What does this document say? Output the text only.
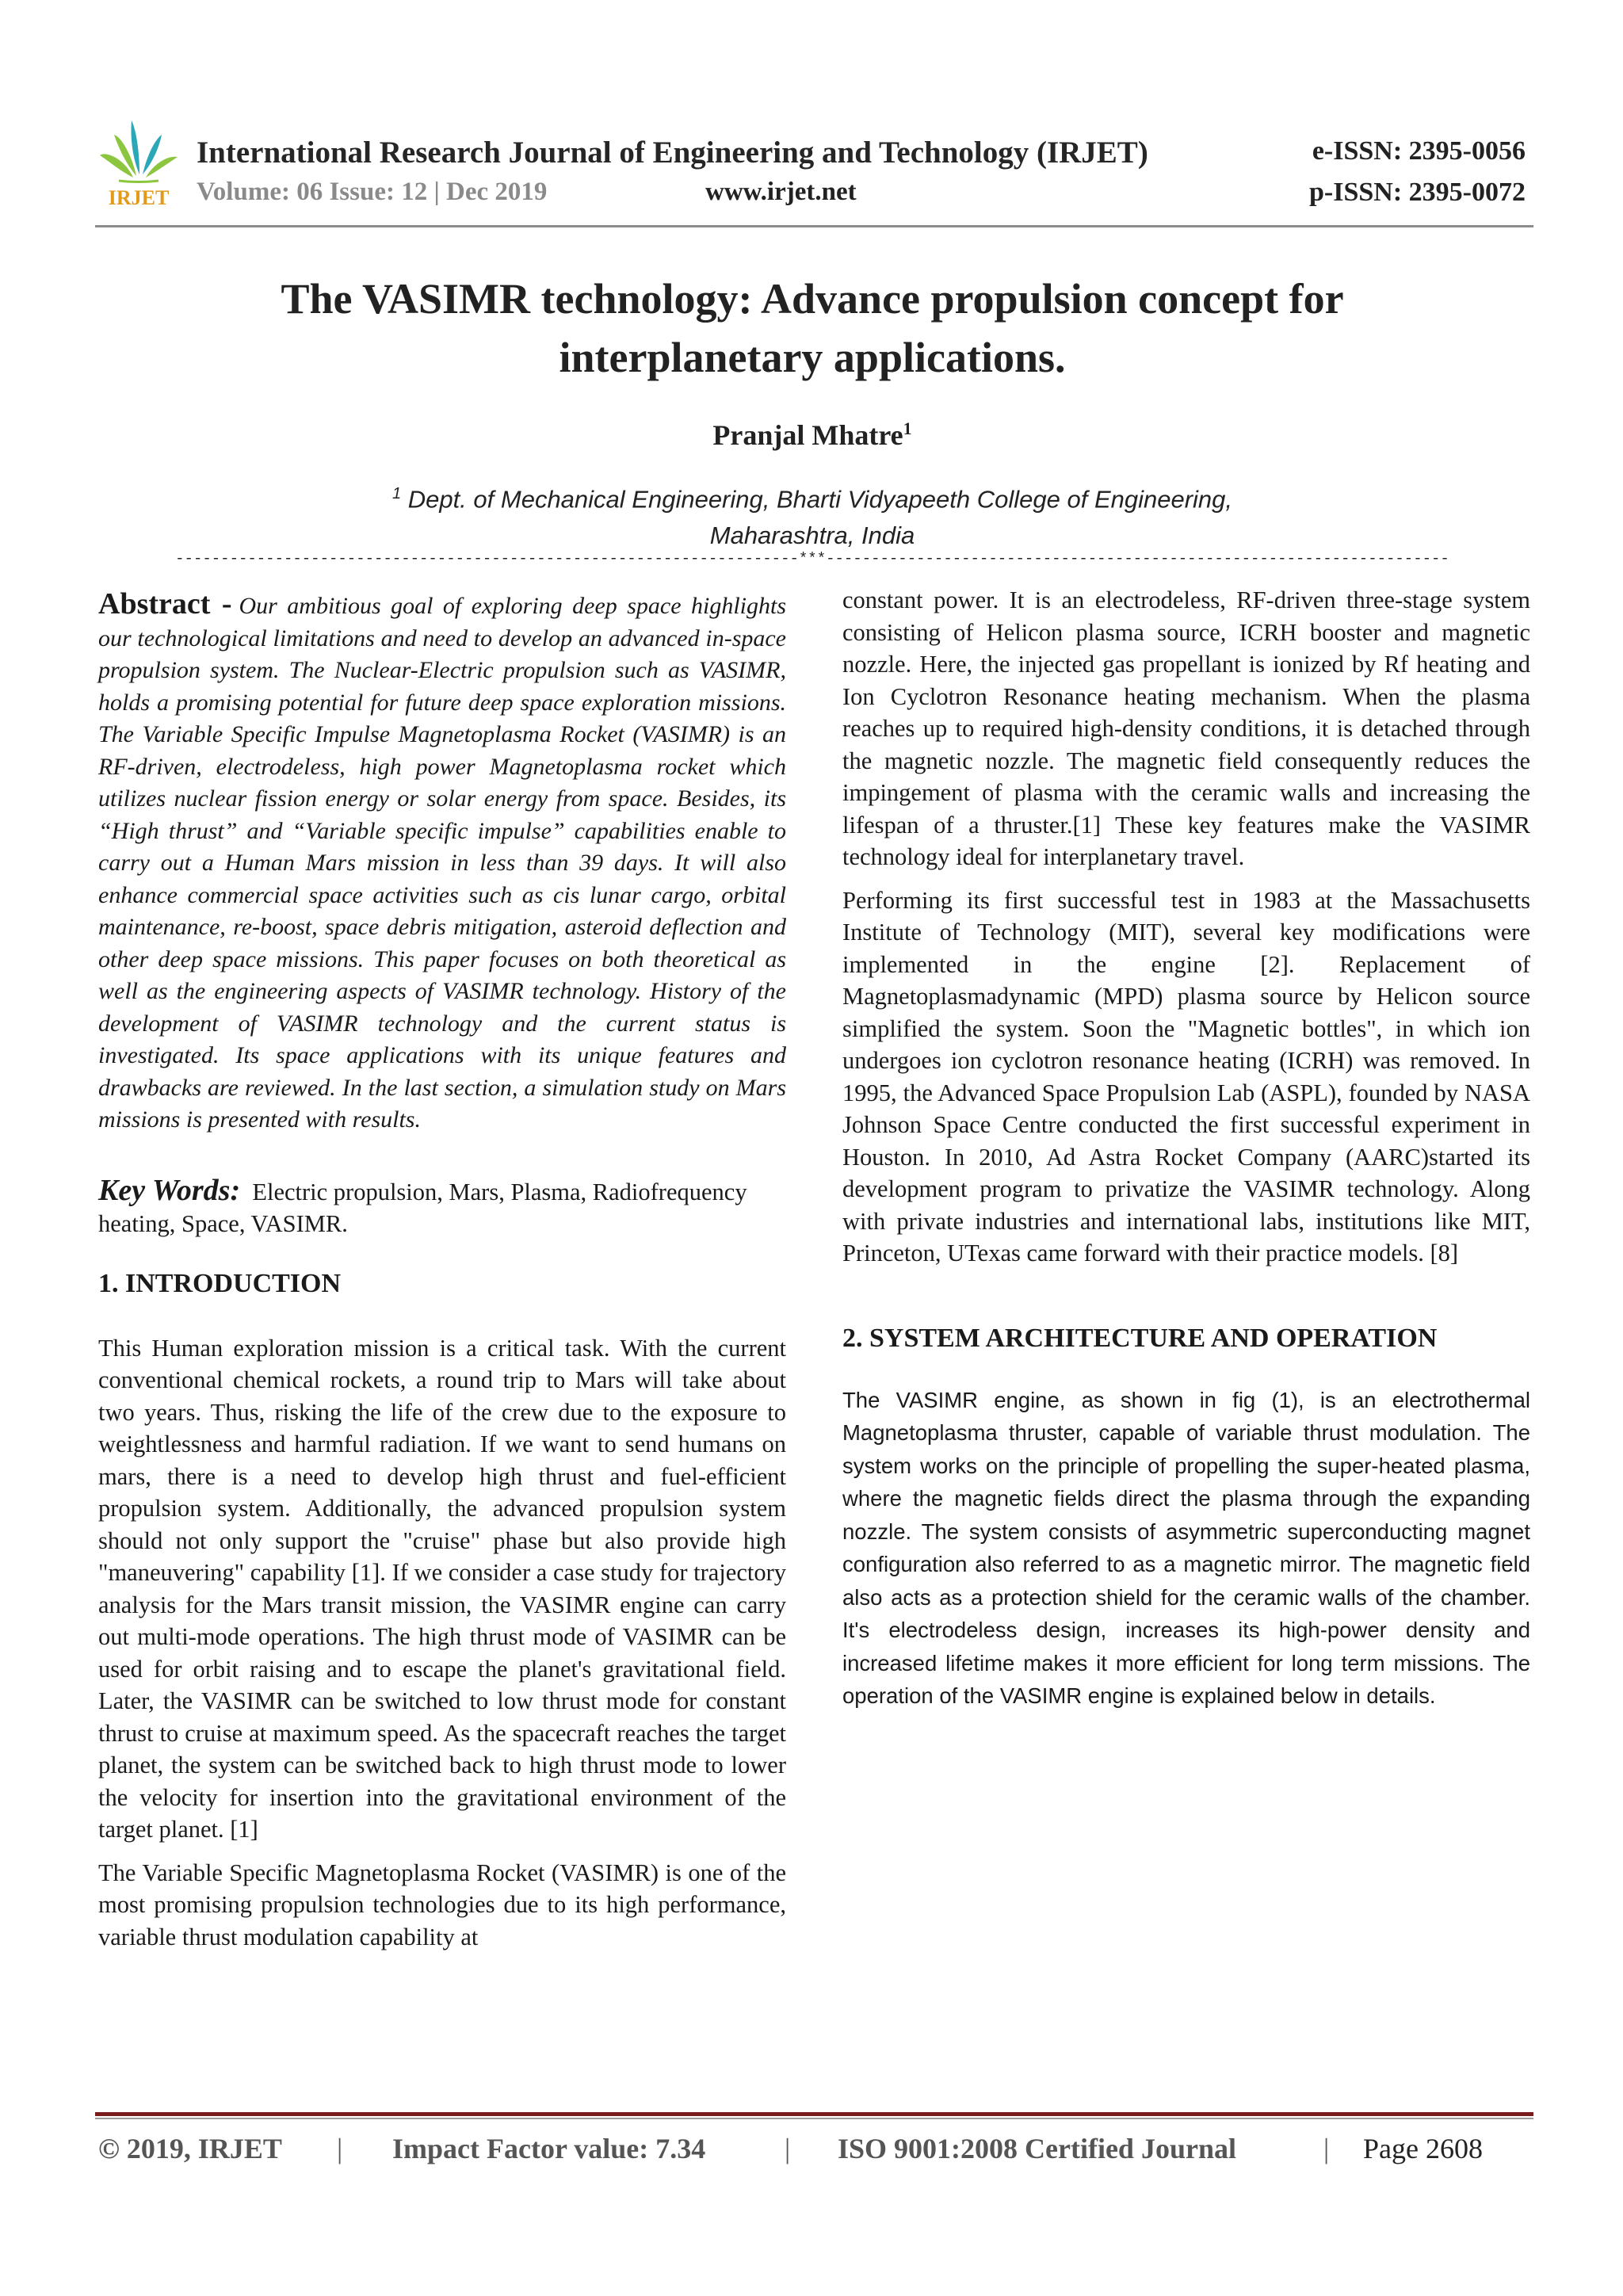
IRJET
International Research Journal of Engineering and Technology (IRJET)
Volume: 06 Issue: 12 | Dec 2019	www.irjet.net
e-ISSN: 2395-0056
p-ISSN: 2395-0072
The VASIMR technology: Advance propulsion concept for
interplanetary applications.
Pranjal Mhatre$^1$
$^1$ Dept. of Mechanical Engineering, Bharti Vidyapeeth College of Engineering,
Maharashtra, India
---------------------------------------------------------------------***---------------------------------------------------------------------

Abstract - Our ambitious goal of exploring deep space highlights our technological limitations and need to develop an advanced in-space propulsion system. The Nuclear-Electric propulsion such as VASIMR, holds a promising potential for future deep space exploration missions. The Variable Specific Impulse Magnetoplasma Rocket (VASIMR) is an RF-driven, electrodeless, high power Magnetoplasma rocket which utilizes nuclear fission energy or solar energy from space. Besides, its “High thrust” and “Variable specific impulse” capabilities enable to carry out a Human Mars mission in less than 39 days. It will also enhance commercial space activities such as cis lunar cargo, orbital maintenance, re-boost, space debris mitigation, asteroid deflection and other deep space missions. This paper focuses on both theoretical as well as the engineering aspects of VASIMR technology. History of the development of VASIMR technology and the current status is investigated. Its space applications with its unique features and drawbacks are reviewed. In the last section, a simulation study on Mars missions is presented with results.

Key Words: Electric propulsion, Mars, Plasma, Radiofrequency heating, Space, VASIMR.

1. INTRODUCTION

This Human exploration mission is a critical task. With the current conventional chemical rockets, a round trip to Mars will take about two years. Thus, risking the life of the crew due to the exposure to weightlessness and harmful radiation. If we want to send humans on mars, there is a need to develop high thrust and fuel-efficient propulsion system. Additionally, the advanced propulsion system should not only support the "cruise" phase but also provide high "maneuvering" capability [1]. If we consider a case study for trajectory analysis for the Mars transit mission, the VASIMR engine can carry out multi-mode operations. The high thrust mode of VASIMR can be used for orbit raising and to escape the planet's gravitational field. Later, the VASIMR can be switched to low thrust mode for constant thrust to cruise at maximum speed. As the spacecraft reaches the target planet, the system can be switched back to high thrust mode to lower the velocity for insertion into the gravitational environment of the target planet. [1]

The Variable Specific Magnetoplasma Rocket (VASIMR) is one of the most promising propulsion technologies due to its high performance, variable thrust modulation capability at

constant power. It is an electrodeless, RF-driven three-stage system consisting of Helicon plasma source, ICRH booster and magnetic nozzle. Here, the injected gas propellant is ionized by Rf heating and Ion Cyclotron Resonance heating mechanism. When the plasma reaches up to required high-density conditions, it is detached through the magnetic nozzle. The magnetic field consequently reduces the impingement of plasma with the ceramic walls and increasing the lifespan of a thruster.[1] These key features make the VASIMR technology ideal for interplanetary travel.

Performing its first successful test in 1983 at the Massachusetts Institute of Technology (MIT), several key modifications were implemented in the engine [2]. Replacement of Magnetoplasmadynamic (MPD) plasma source by Helicon source simplified the system. Soon the "Magnetic bottles", in which ion undergoes ion cyclotron resonance heating (ICRH) was removed. In 1995, the Advanced Space Propulsion Lab (ASPL), founded by NASA Johnson Space Centre conducted the first successful experiment in Houston. In 2010, Ad Astra Rocket Company (AARC)started its development program to privatize the VASIMR technology. Along with private industries and international labs, institutions like MIT, Princeton, UTexas came forward with their practice models. [8]

2. SYSTEM ARCHITECTURE AND OPERATION

The VASIMR engine, as shown in fig (1), is an electrothermal Magnetoplasma thruster, capable of variable thrust modulation. The system works on the principle of propelling the super-heated plasma, where the magnetic fields direct the plasma through the expanding nozzle. The system consists of asymmetric superconducting magnet configuration also referred to as a magnetic mirror. The magnetic field also acts as a protection shield for the ceramic walls of the chamber. It's electrodeless design, increases its high-power density and increased lifetime makes it more efficient for long term missions. The operation of the VASIMR engine is explained below in details.

© 2019, IRJET | Impact Factor value: 7.34	| ISO 9001:2008 Certified Journal	| Page 2608
